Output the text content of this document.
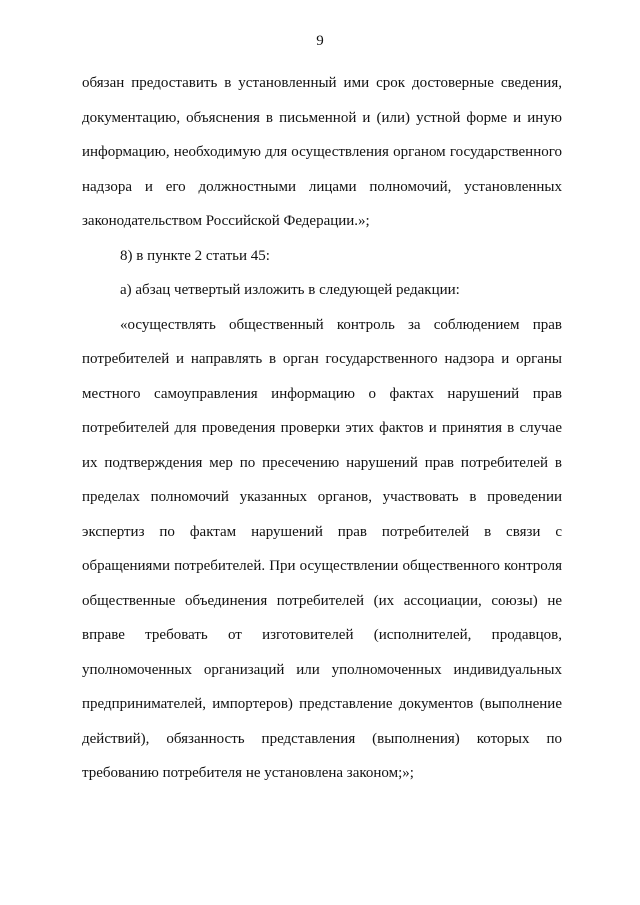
9

обязан предоставить в установленный ими срок достоверные сведения, документацию, объяснения в письменной и (или) устной форме и иную информацию, необходимую для осуществления органом государственного надзора и его должностными лицами полномочий, установленных законодательством Российской Федерации.»;

8) в пункте 2 статьи 45:

а) абзац четвертый изложить в следующей редакции:

«осуществлять общественный контроль за соблюдением прав потребителей и направлять в орган государственного надзора и органы местного самоуправления информацию о фактах нарушений прав потребителей для проведения проверки этих фактов и принятия в случае их подтверждения мер по пресечению нарушений прав потребителей в пределах полномочий указанных органов, участвовать в проведении экспертиз по фактам нарушений прав потребителей в связи с обращениями потребителей. При осуществлении общественного контроля общественные объединения потребителей (их ассоциации, союзы) не вправе требовать от изготовителей (исполнителей, продавцов, уполномоченных организаций или уполномоченных индивидуальных предпринимателей, импортеров) представление документов (выполнение действий), обязанность представления (выполнения) которых по требованию потребителя не установлена законом;»;
